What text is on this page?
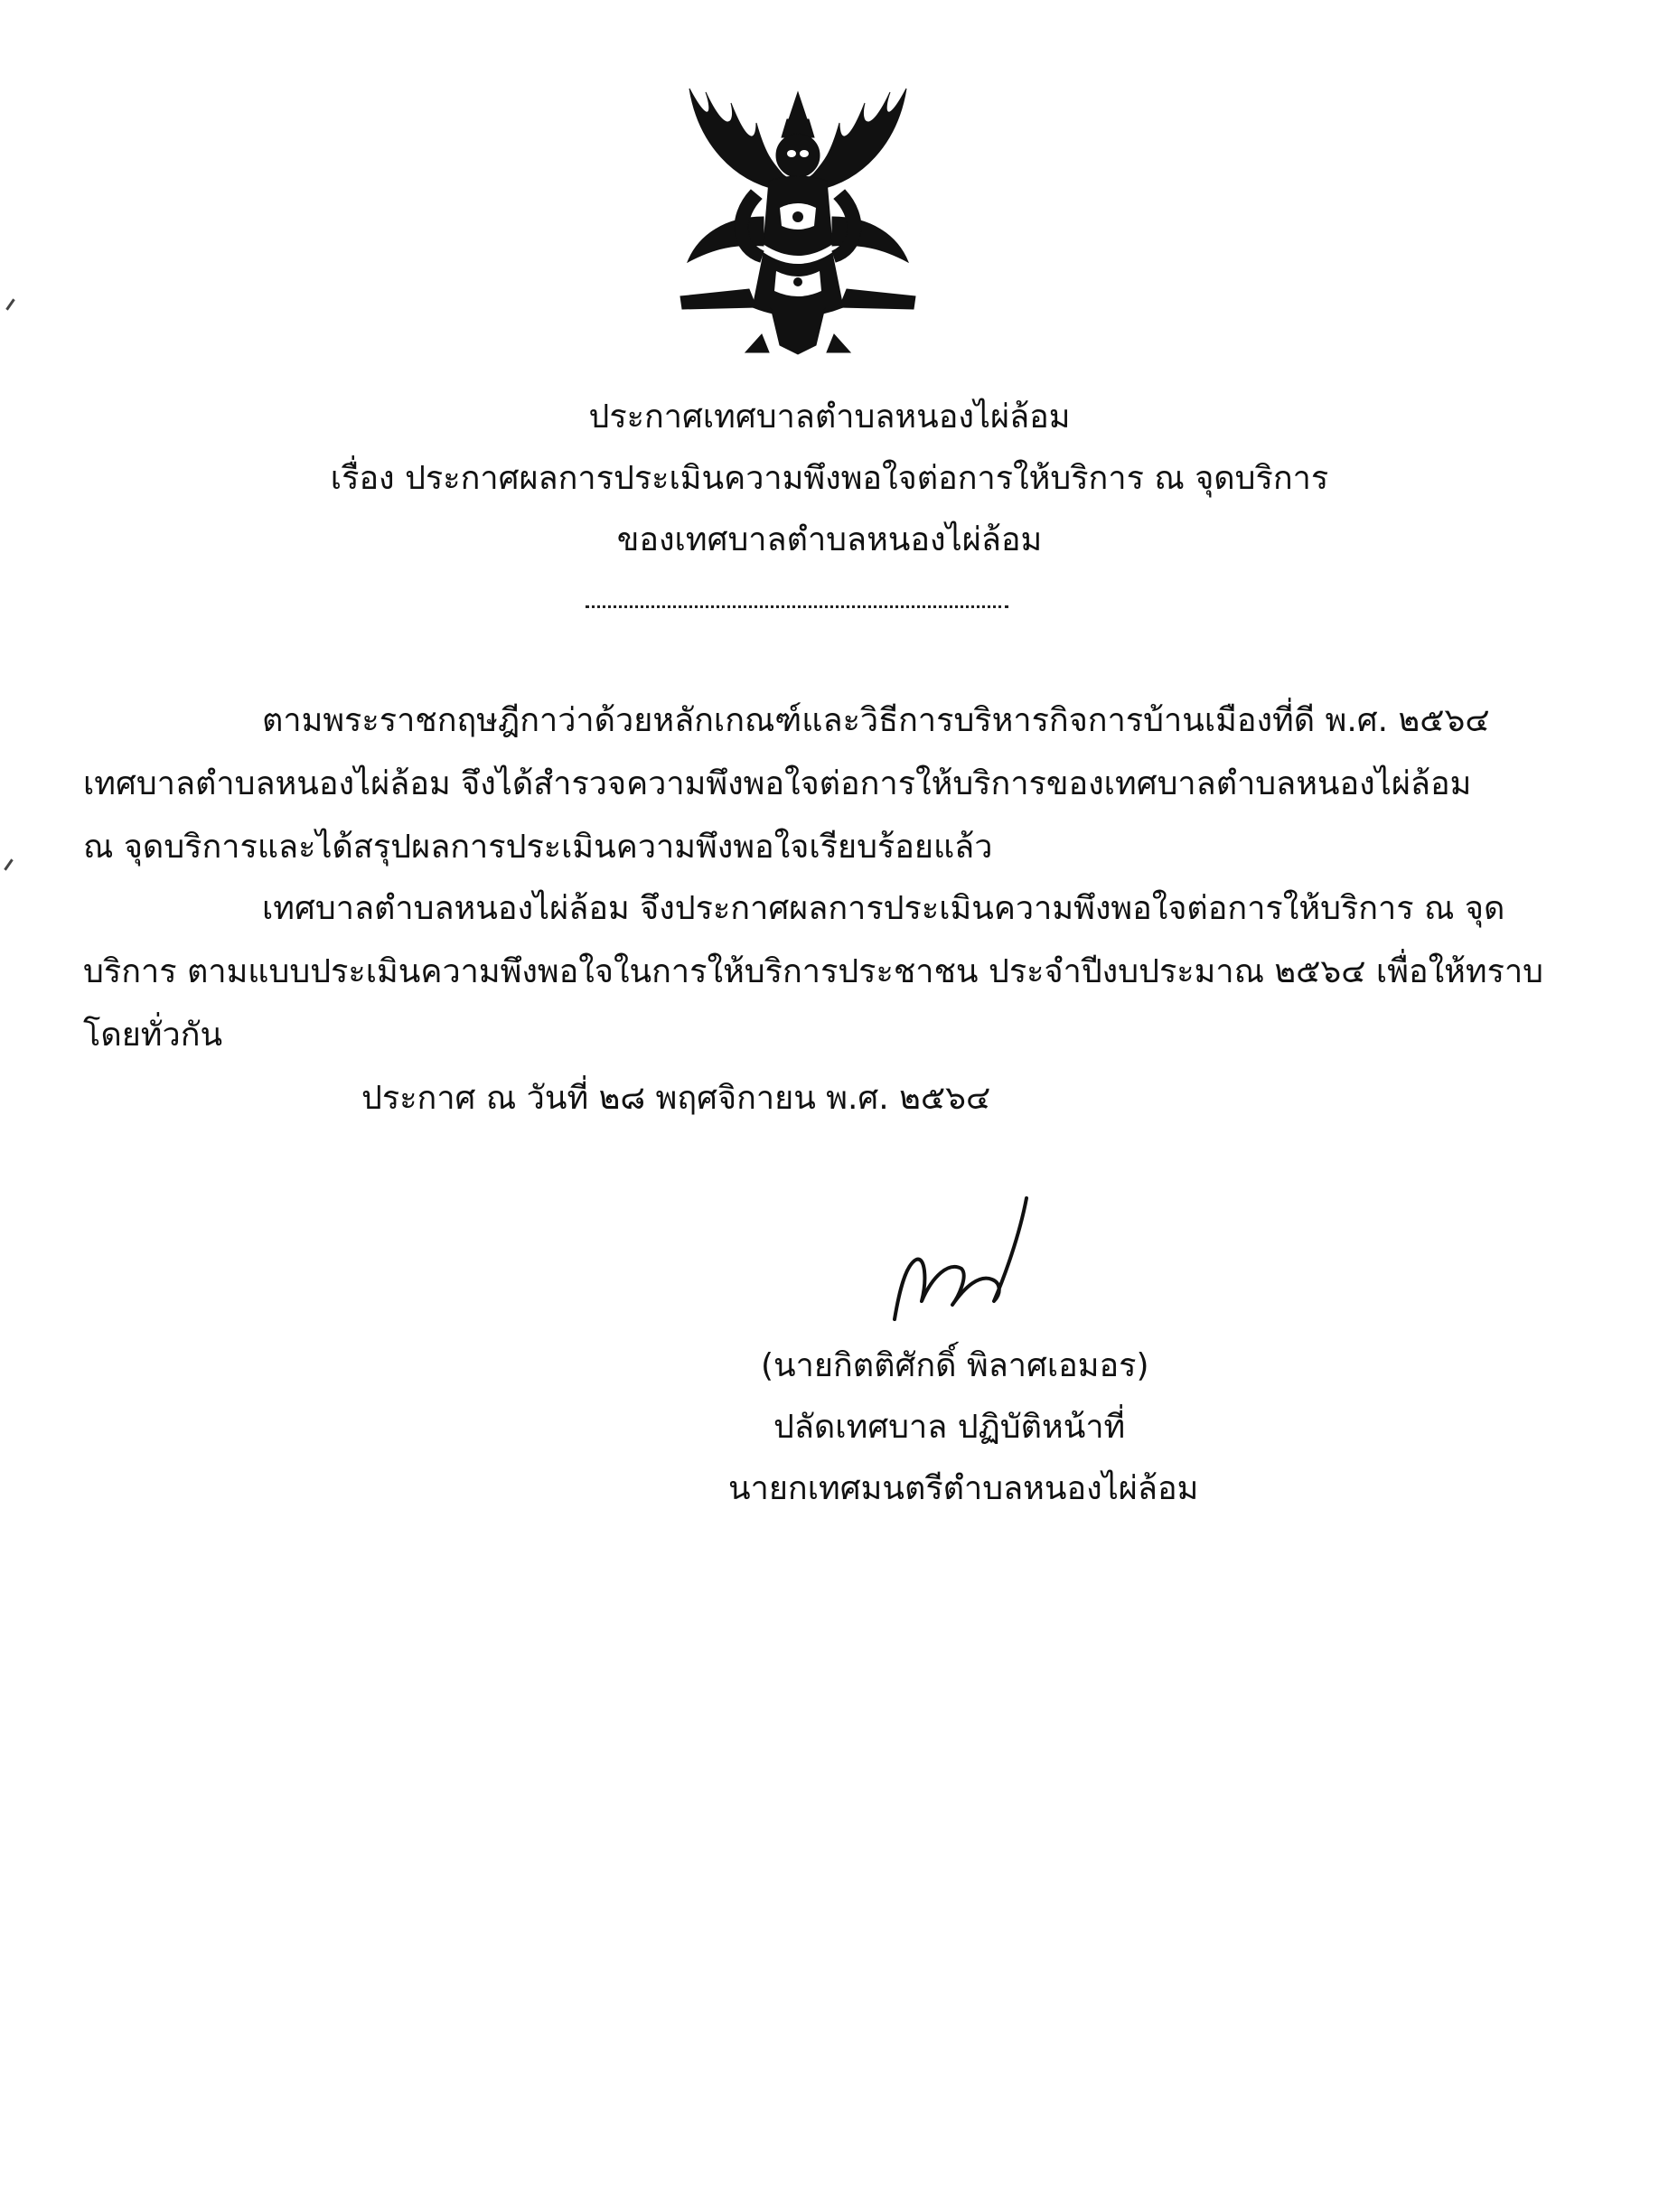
ประกาศเทศบาลตำบลหนองไผ่ล้อม
เรื่อง ประกาศผลการประเมินความพึงพอใจต่อการให้บริการ ณ จุดบริการ
ของเทศบาลตำบลหนองไผ่ล้อม
ตามพระราชกฤษฎีกาว่าด้วยหลักเกณฑ์และวิธีการบริหารกิจการบ้านเมืองที่ดี พ.ศ. ๒๕๖๔
เทศบาลตำบลหนองไผ่ล้อม จึงได้สำรวจความพึงพอใจต่อการให้บริการของเทศบาลตำบลหนองไผ่ล้อม
ณ จุดบริการและได้สรุปผลการประเมินความพึงพอใจเรียบร้อยแล้ว
เทศบาลตำบลหนองไผ่ล้อม จึงประกาศผลการประเมินความพึงพอใจต่อการให้บริการ ณ จุด
บริการ ตามแบบประเมินความพึงพอใจในการให้บริการประชาชน ประจำปีงบประมาณ ๒๕๖๔ เพื่อให้ทราบ
โดยทั่วกัน
ประกาศ ณ วันที่ ๒๘ พฤศจิกายน พ.ศ. ๒๕๖๔
(นายกิตติศักดิ์ พิลาศเอมอร)
ปลัดเทศบาล ปฏิบัติหน้าที่
นายกเทศมนตรีตำบลหนองไผ่ล้อม
